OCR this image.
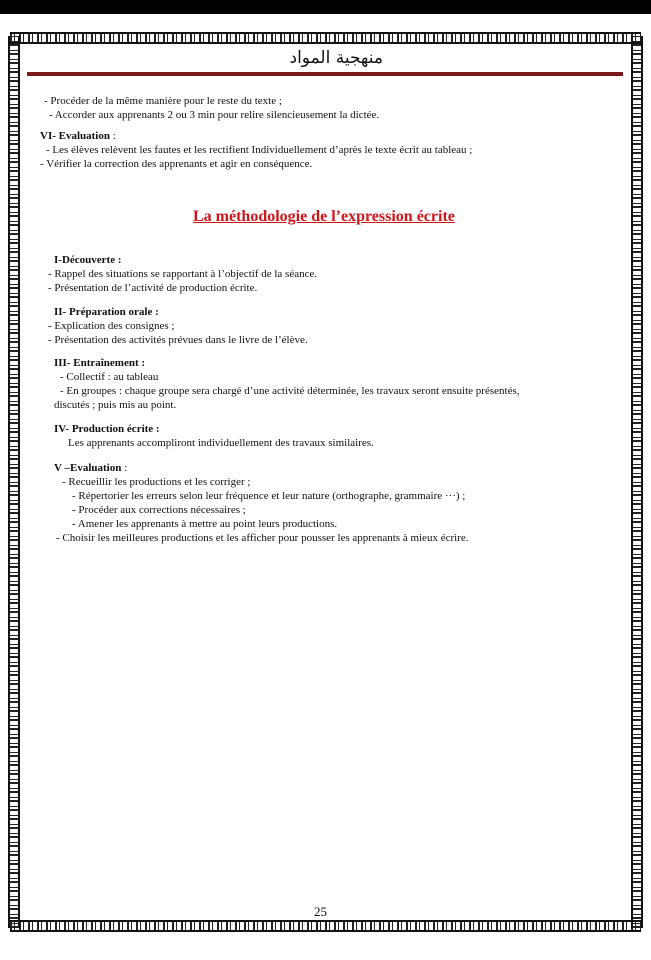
منهجية المواد
- Procéder de la même manière pour le reste du texte ;
- Accorder aux apprenants 2 ou 3 min pour relire silencieusement la dictée.
VI- Evaluation :
- Les élèves relèvent les fautes et les rectifient Individuellement d’après le texte écrit au tableau ;
- Vérifier la correction des apprenants et agir en conséquence.
La méthodologie de l’expression écrite
I-Découverte :
- Rappel des situations se rapportant à l’objectif de la séance.
- Présentation de l’activité de production écrite.
II- Préparation orale :
- Explication des consignes ;
- Présentation des activités prévues dans le livre de l’élève.
III- Entraînement :
- Collectif : au tableau
- En groupes : chaque groupe sera chargé d’une activité déterminée, les travaux seront ensuite présentés,
discutés ; puis mis au point.
IV- Production écrite :
Les apprenants accompliront individuellement des travaux similaires.
V –Evaluation :
- Recueillir les productions et les corriger ;
- Répertorier les erreurs selon leur fréquence et leur nature (orthographe, grammaire ···) ;
- Procéder aux corrections nécessaires ;
- Amener les apprenants à mettre au point leurs productions.
- Choisir les meilleures productions et les afficher pour pousser les apprenants à mieux écrire.
25
